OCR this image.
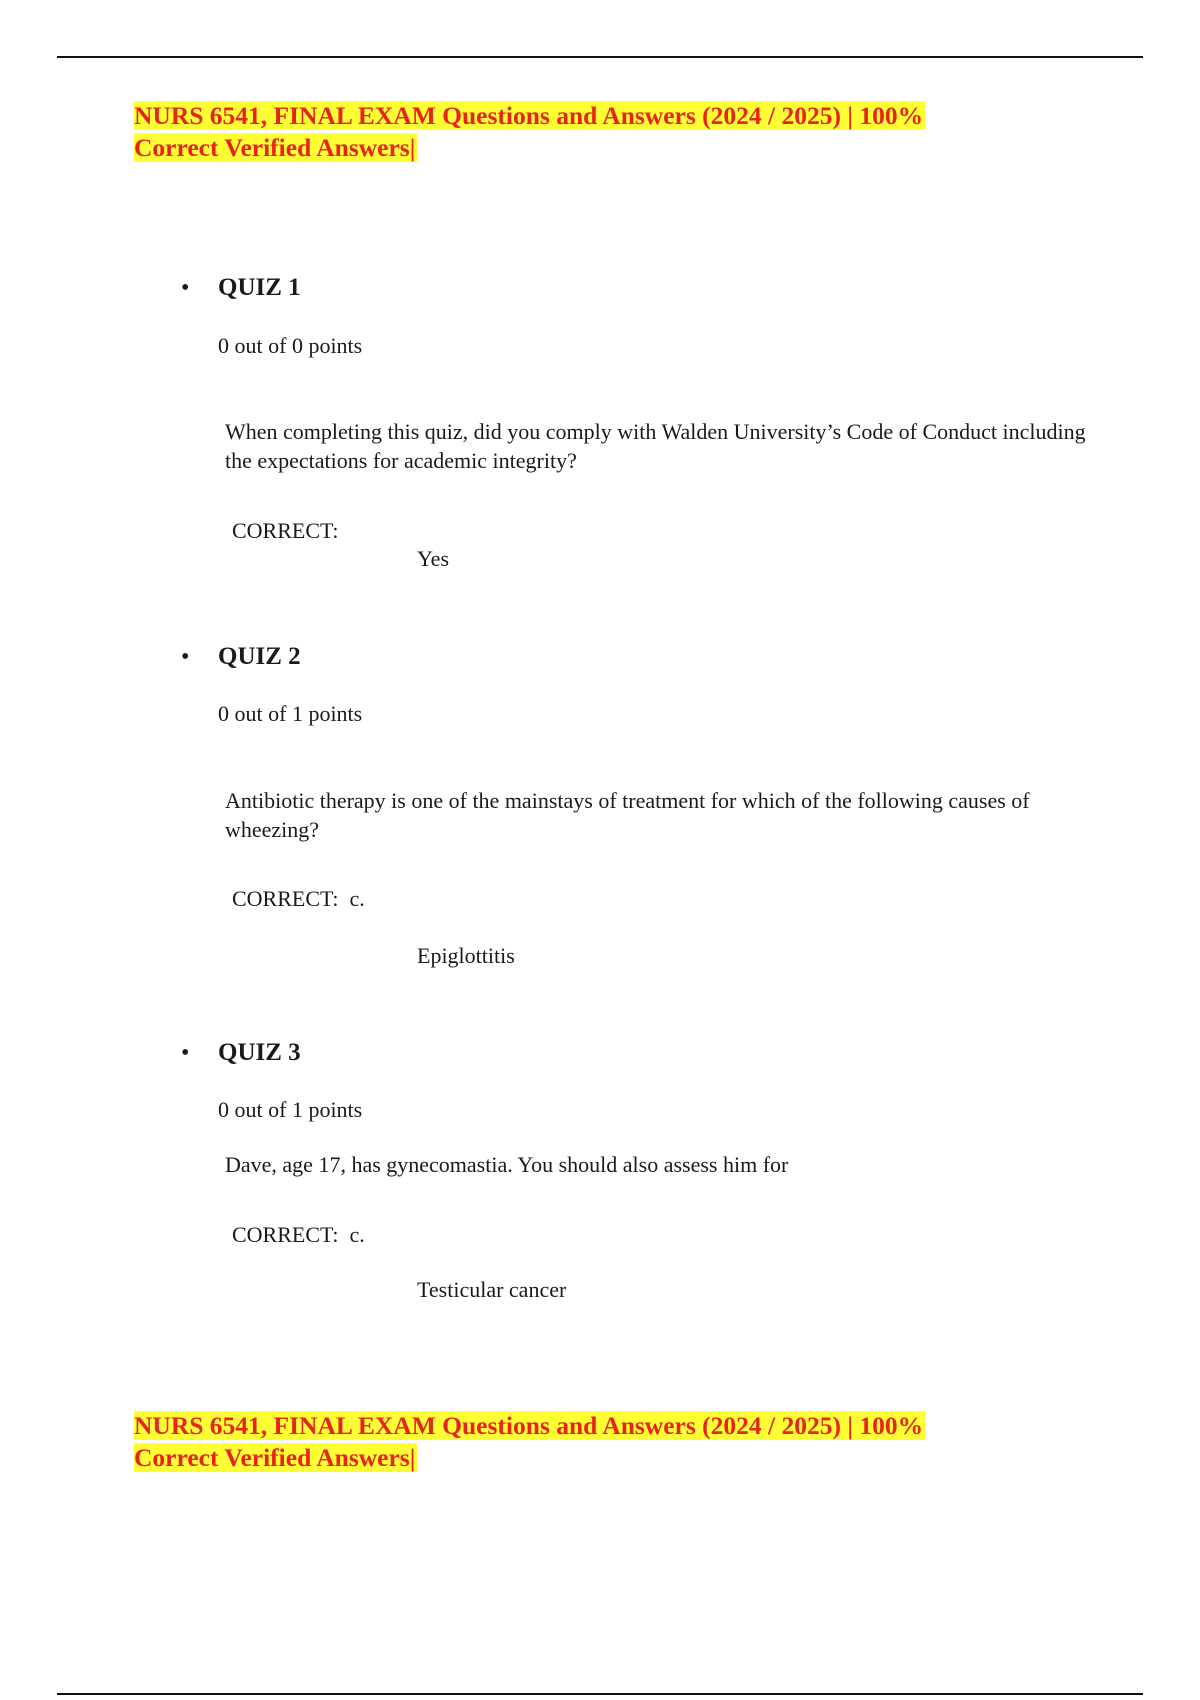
NURS 6541, FINAL EXAM Questions and Answers (2024 / 2025) | 100%
Correct Verified Answers|
• QUIZ 1
0 out of 0 points
When completing this quiz, did you comply with Walden University’s Code of Conduct including the expectations for academic integrity?
CORRECT:
Yes
• QUIZ 2
0 out of 1 points
Antibiotic therapy is one of the mainstays of treatment for which of the following causes of wheezing?
CORRECT:  c.
Epiglottitis
• QUIZ 3
0 out of 1 points
Dave, age 17, has gynecomastia. You should also assess him for
CORRECT:  c.
Testicular cancer
NURS 6541, FINAL EXAM Questions and Answers (2024 / 2025) | 100%
Correct Verified Answers|
